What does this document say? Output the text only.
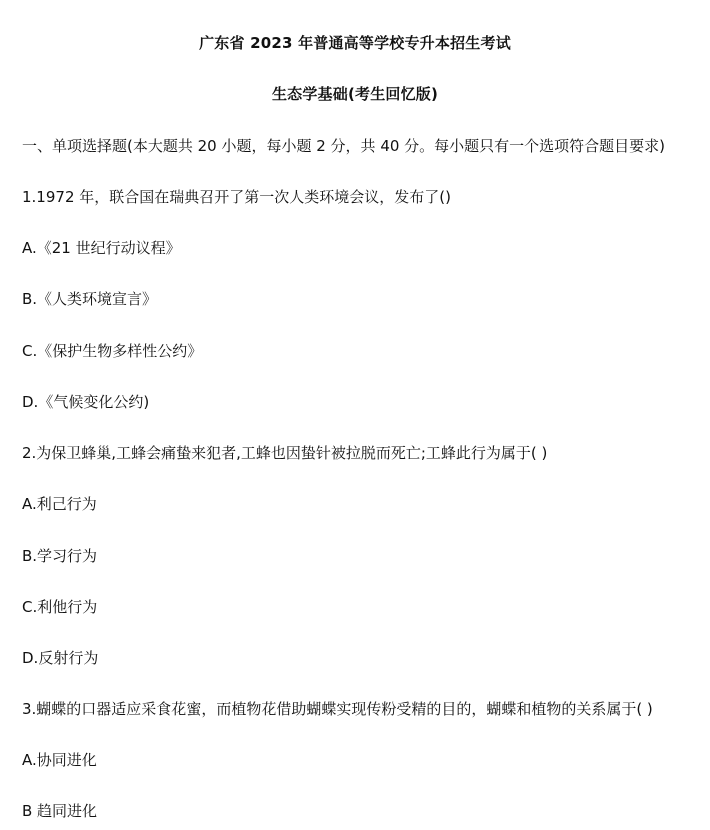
广东省 2023 年普通高等学校专升本招生考试
生态学基础(考生回忆版)
一、单项选择题(本大题共 20 小题，每小题 2 分，共 40 分。每小题只有一个选项符合题目要求)
1.1972 年，联合国在瑞典召开了第一次人类环境会议，发布了()
A.《21 世纪行动议程》
B.《人类环境宣言》
C.《保护生物多样性公约》
D.《气候变化公约)
2.为保卫蜂巢,工蜂会痛蛰来犯者,工蜂也因蛰针被拉脱而死亡;工蜂此行为属于( )
A.利己行为
B.学习行为
C.利他行为
D.反射行为
3.蝴蝶的口器适应采食花蜜，而植物花借助蝴蝶实现传粉受精的目的，蝴蝶和植物的关系属于( )
A.协同进化
B 趋同进化
